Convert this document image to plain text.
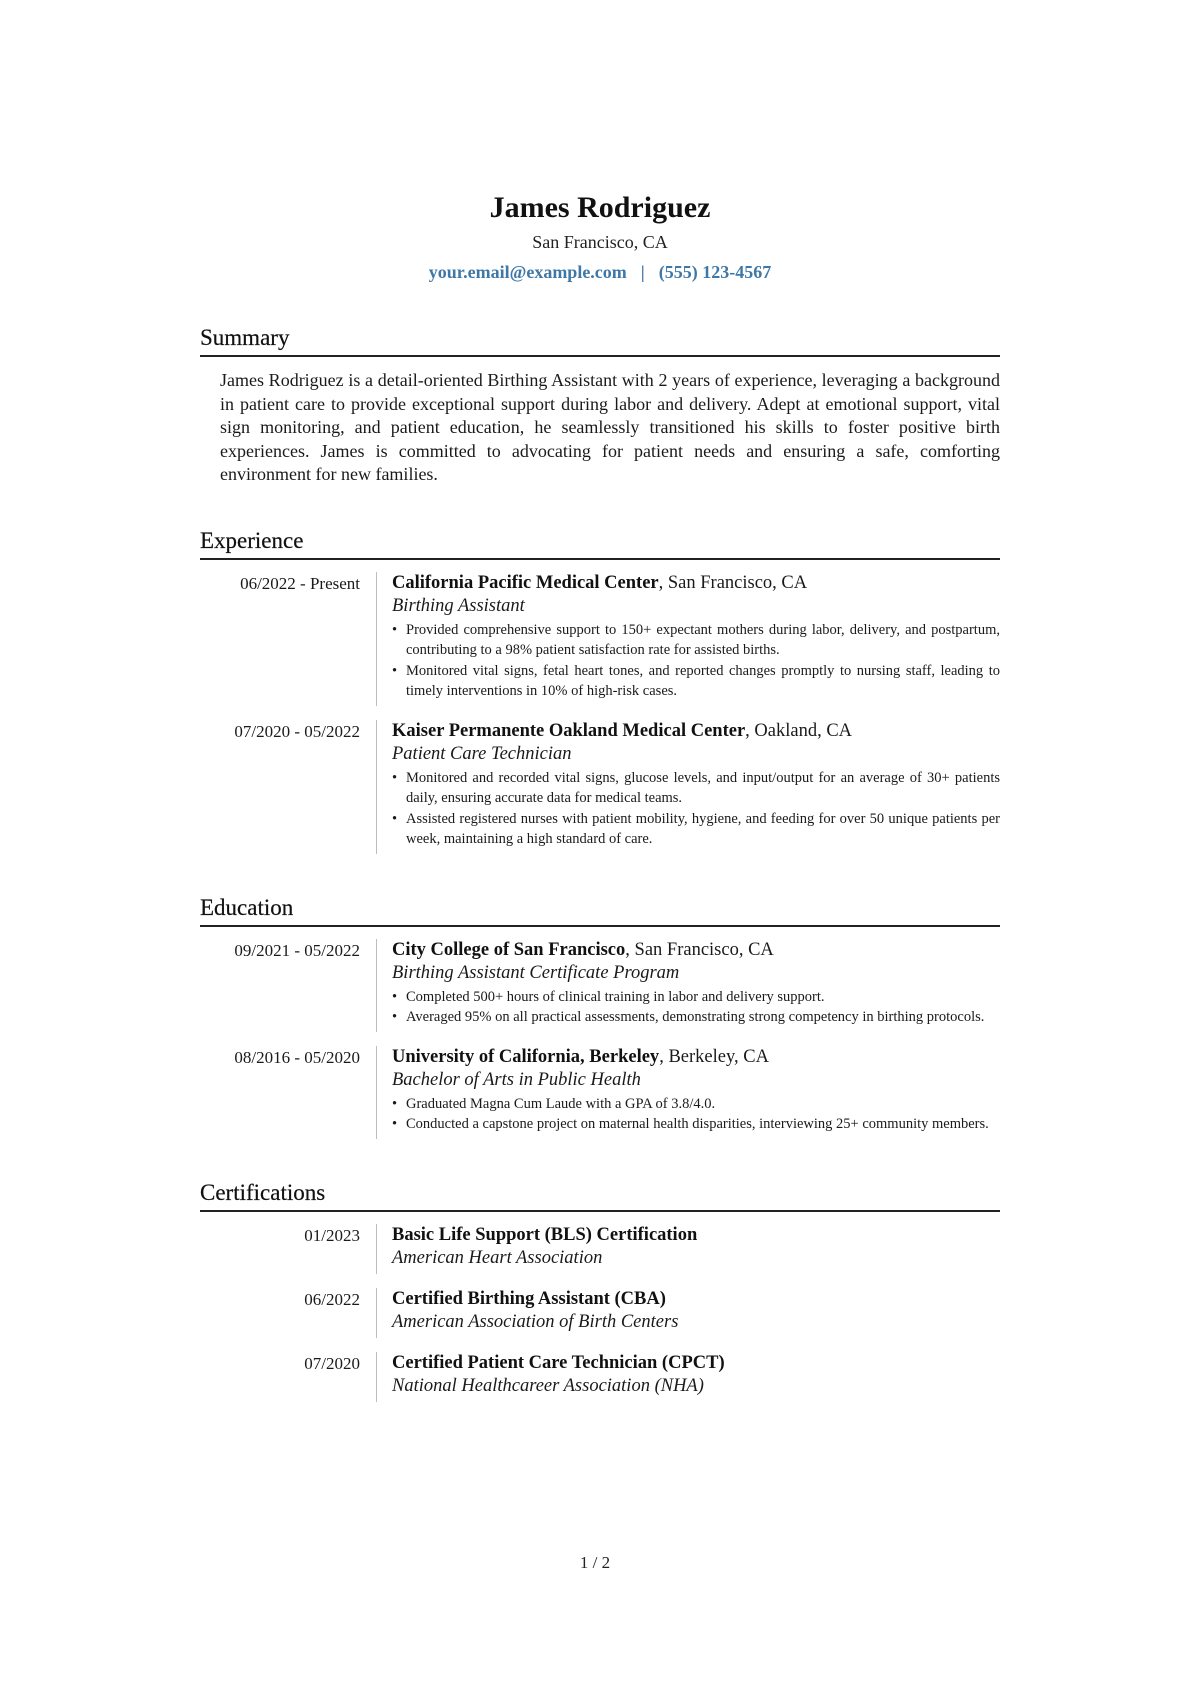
James Rodriguez
San Francisco, CA
your.email@example.com | (555) 123-4567
Summary

James Rodriguez is a detail-oriented Birthing Assistant with 2 years of experience, leveraging a background in patient care to provide exceptional support during labor and delivery. Adept at emotional support, vital sign monitoring, and patient education, he seamlessly transitioned his skills to foster positive birth experiences. James is committed to advocating for patient needs and ensuring a safe, comforting environment for new families.

Experience
06/2022 - Present	California Pacific Medical Center, San Francisco, CA
Birthing Assistant
• Provided comprehensive support to 150+ expectant mothers during labor, delivery, and postpartum, contributing to a 98% patient satisfaction rate for assisted births.
• Monitored vital signs, fetal heart tones, and reported changes promptly to nursing staff, leading to timely interventions in 10% of high-risk cases.
07/2020 - 05/2022	Kaiser Permanente Oakland Medical Center, Oakland, CA
Patient Care Technician
• Monitored and recorded vital signs, glucose levels, and input/output for an average of 30+ patients daily, ensuring accurate data for medical teams.
• Assisted registered nurses with patient mobility, hygiene, and feeding for over 50 unique patients per week, maintaining a high standard of care.
Education
09/2021 - 05/2022	City College of San Francisco, San Francisco, CA
Birthing Assistant Certificate Program
• Completed 500+ hours of clinical training in labor and delivery support.
• Averaged 95% on all practical assessments, demonstrating strong competency in birthing protocols.
08/2016 - 05/2020	University of California, Berkeley, Berkeley, CA
Bachelor of Arts in Public Health
• Graduated Magna Cum Laude with a GPA of 3.8/4.0.
• Conducted a capstone project on maternal health disparities, interviewing 25+ community members.
Certifications
01/2023	Basic Life Support (BLS) Certification
American Heart Association
06/2022	Certified Birthing Assistant (CBA)
American Association of Birth Centers
07/2020	Certified Patient Care Technician (CPCT)
National Healthcareer Association (NHA)
1 / 2
